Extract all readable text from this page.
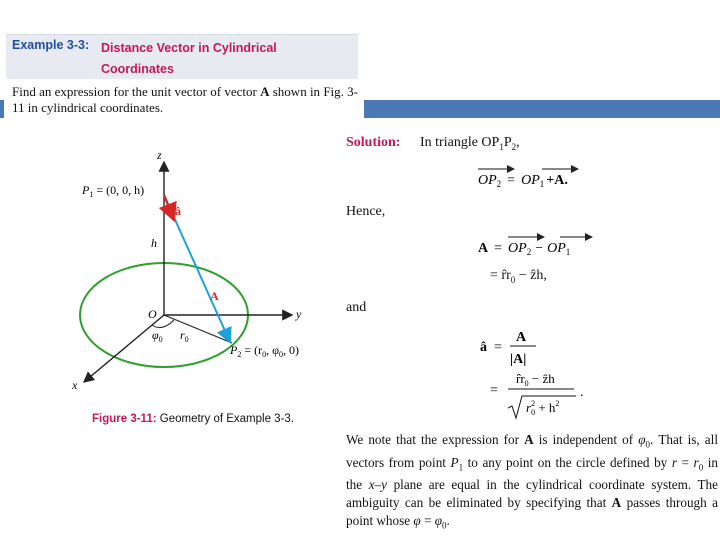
Example 3-3: Distance Vector in Cylindrical
Coordinates
Find an expression for the unit vector of vector A shown in Fig. 3-11 in cylindrical coordinates.
z
y
x
O
$P_1 = (0$, 0, h)
â
h
A
$\varphi_0$ $r_0$
$P_2 = (r_0$, $\varphi_0$, 0)
Figure 3-11: Geometry of Example 3-3.
Solution: In triangle $OP_1P_2$,
$OP_2 = OP_1 +A$.
Hence,
$A = OP_2 - OP_1$
= $r̂r_0$ − ẑh,
and
â =
A
|A|
=
$r̂r_0$ − ẑh
$r^2$ $0 + h^2$
.
We note that the expression for A is independent of $\varphi_0$. That is, all vectors from point $P_1$ to any point on the circle defined by $r = r_0$ in the x–y plane are equal in the cylindrical coordinate system. The ambiguity can be eliminated by specifying that A passes through a point whose $\varphi = \varphi_0$.
